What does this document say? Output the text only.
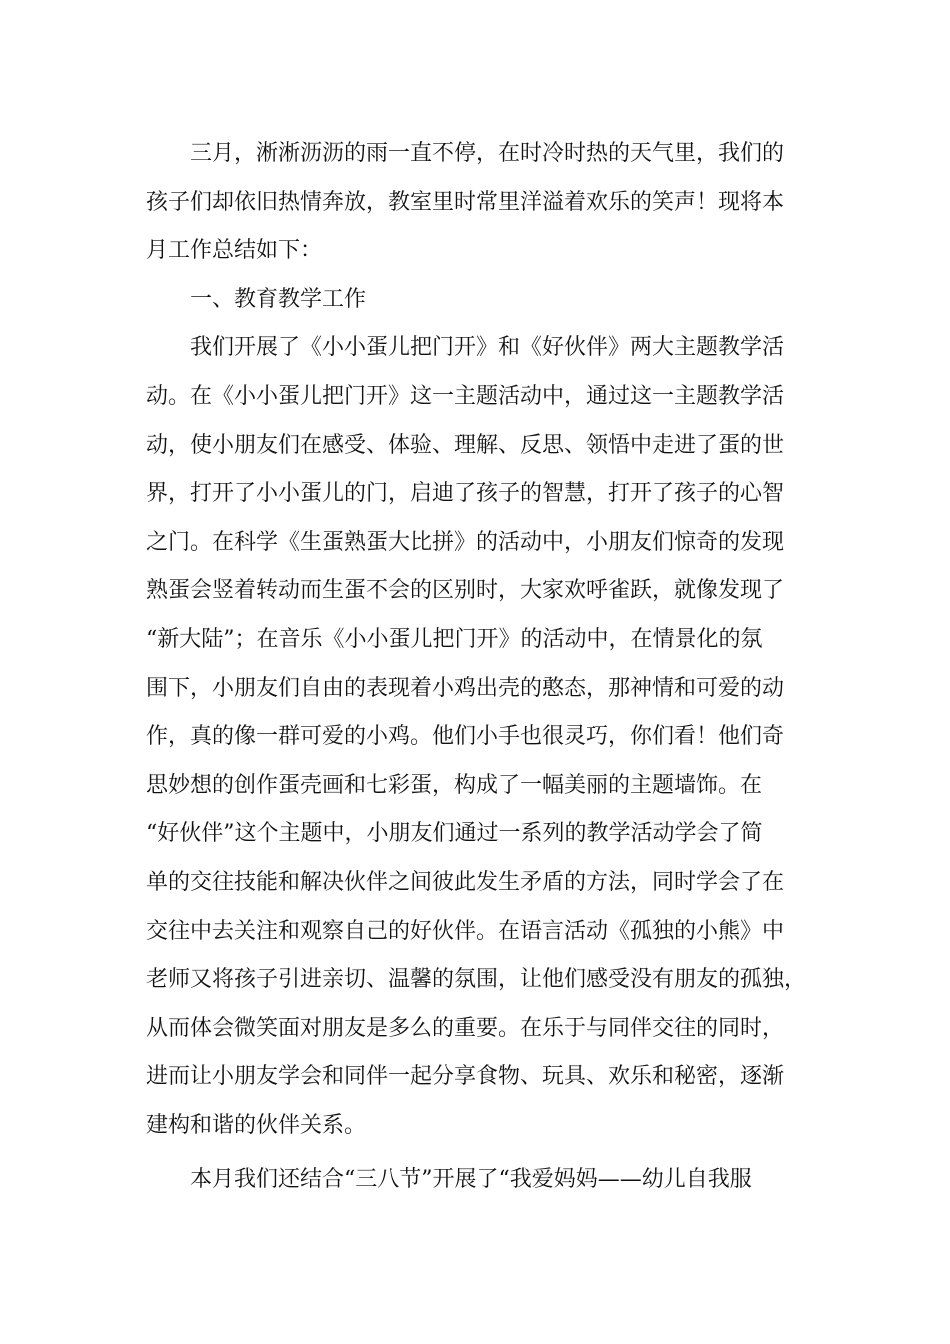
三月，淅淅沥沥的雨一直不停，在时冷时热的天气里，我们的
孩子们却依旧热情奔放，教室里时常里洋溢着欢乐的笑声！现将本
月工作总结如下：
一、教育教学工作
我们开展了《小小蛋儿把门开》和《好伙伴》两大主题教学活
动。在《小小蛋儿把门开》这一主题活动中，通过这一主题教学活
动，使小朋友们在感受、体验、理解、反思、领悟中走进了蛋的世
界，打开了小小蛋儿的门，启迪了孩子的智慧，打开了孩子的心智
之门。在科学《生蛋熟蛋大比拼》的活动中，小朋友们惊奇的发现
熟蛋会竖着转动而生蛋不会的区别时，大家欢呼雀跃，就像发现了
“新大陆”；在音乐《小小蛋儿把门开》的活动中，在情景化的氛
围下，小朋友们自由的表现着小鸡出壳的憨态，那神情和可爱的动
作，真的像一群可爱的小鸡。他们小手也很灵巧，你们看！他们奇
思妙想的创作蛋壳画和七彩蛋，构成了一幅美丽的主题墙饰。在
“好伙伴”这个主题中，小朋友们通过一系列的教学活动学会了简
单的交往技能和解决伙伴之间彼此发生矛盾的方法，同时学会了在
交往中去关注和观察自己的好伙伴。在语言活动《孤独的小熊》中
老师又将孩子引进亲切、温馨的氛围，让他们感受没有朋友的孤独，
从而体会微笑面对朋友是多么的重要。在乐于与同伴交往的同时，
进而让小朋友学会和同伴一起分享食物、玩具、欢乐和秘密，逐渐
建构和谐的伙伴关系。
本月我们还结合“三八节”开展了“我爱妈妈——幼儿自我服
